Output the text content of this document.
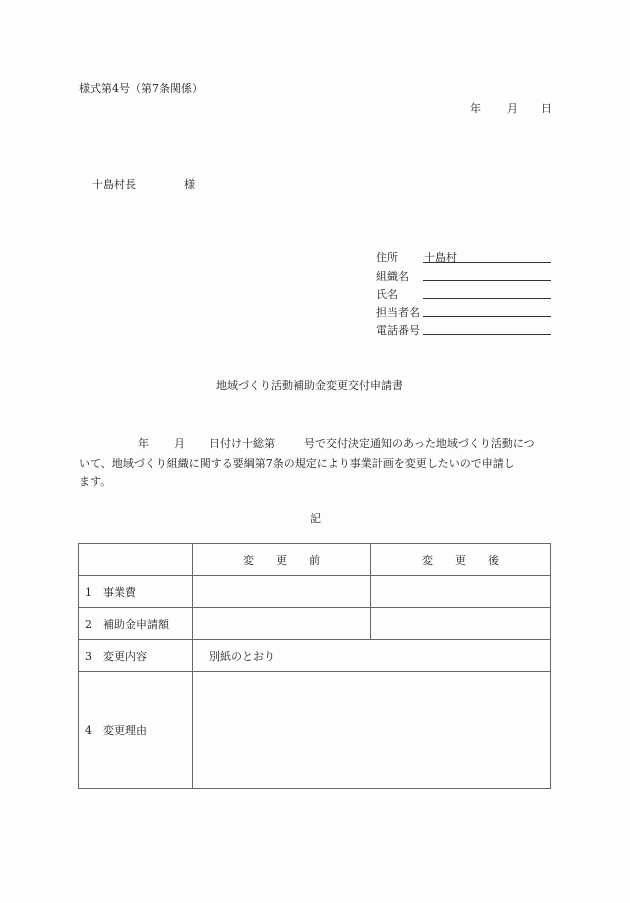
様式第4号（第7条関係）
年 月 日
十島村長	様
住所 十島村
組織名
氏名
担当者名
電話番号
地域づくり活動補助金変更交付申請書
年 月 日付け十総第	号で交付決定通知のあった地域づくり活動につ
いて、地域づくり組織に関する要綱第7条の規定により事業計画を変更したいので申請し
ます。
記
	変　　更　　前	変　　更　　後
1 事業費		
2 補助金申請額		
3 変更内容	別紙のとおり	
4 変更理由		
